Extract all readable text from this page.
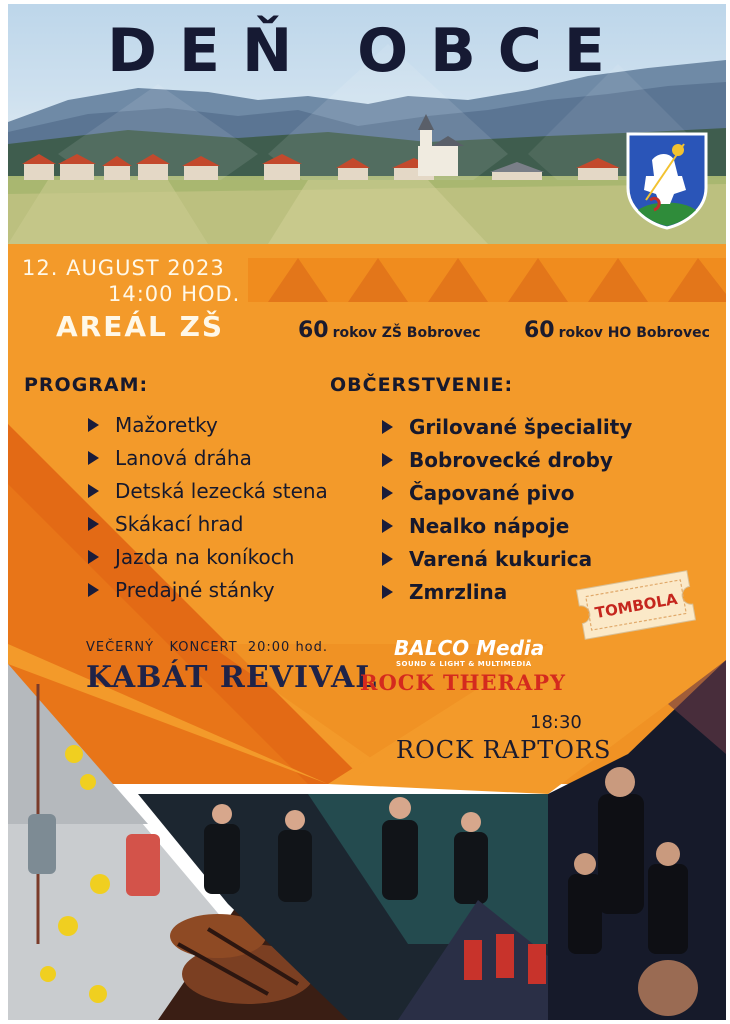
DEŇ OBCE
12. AUGUST 2023
14:00 HOD.
AREÁL ZŠ	60 rokov ZŠ Bobrovec 60 rokov HO Bobrovec
PROGRAM:
Mažoretky
Lanová dráha
Detská lezecká stena
Skákací hrad
Jazda na koníkoch
Predajné stánky
OBČERSTVENIE:
Grilované špeciality
Bobrovecké droby
Čapované pivo
Nealko nápoje
Varená kukurica
Zmrzlina	TOMBOLA
VEČERNÝ   KONCERT  20:00 hod.
KABÁT REVIVAL
BALCO Media
SOUND & LIGHT & MULTIMEDIA
ROCK THERAPY
18:30
ROCK RAPTORS
